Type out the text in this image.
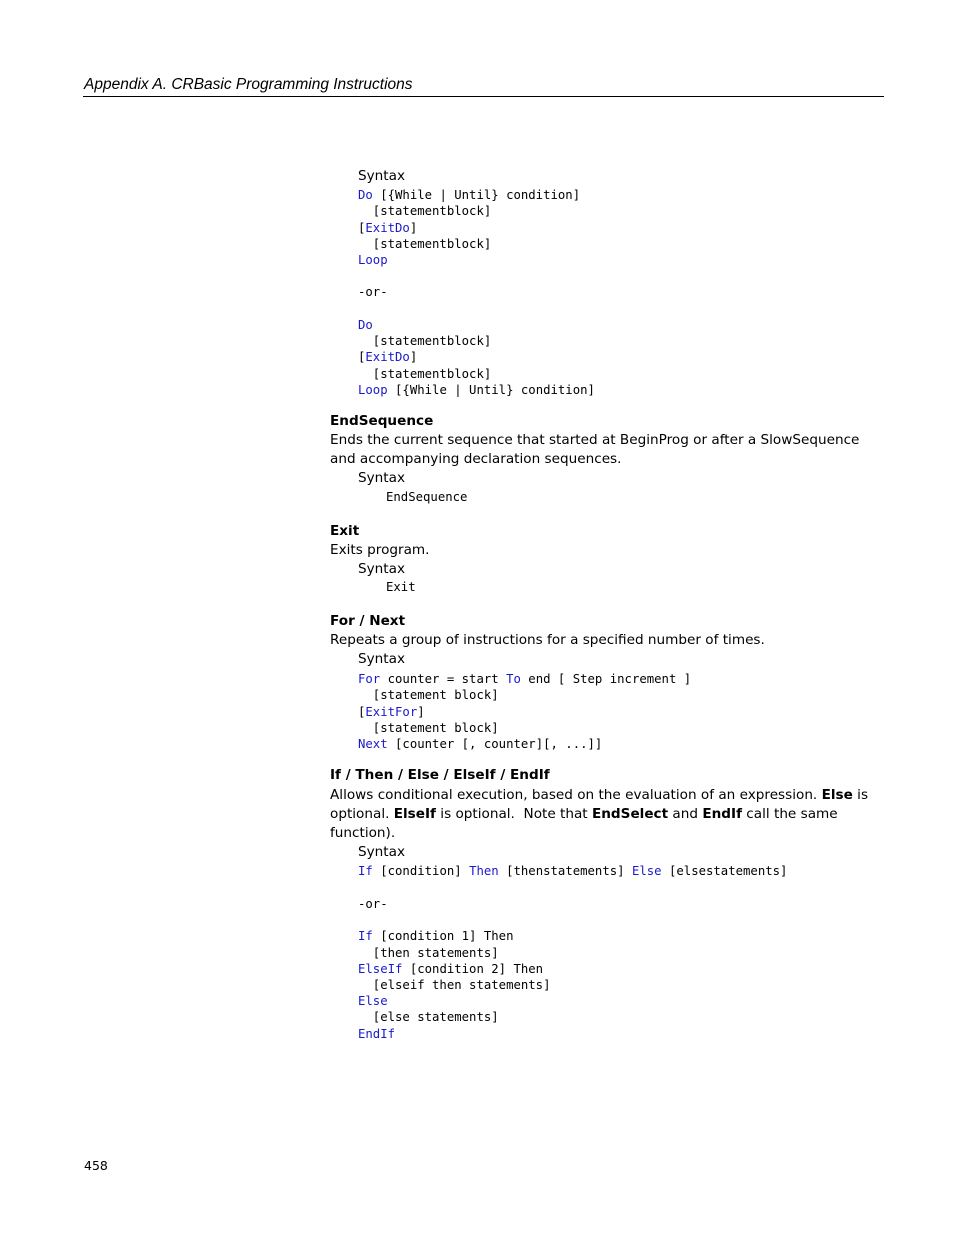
Appendix A. CRBasic Programming Instructions
Syntax
Do [{While | Until} condition]
[statementblock]
[ExitDo]
[statementblock]
Loop
-or-
Do
[statementblock]
[ExitDo]
[statementblock]
Loop [{While | Until} condition]
EndSequence
Ends the current sequence that started at BeginProg or after a SlowSequence
and accompanying declaration sequences.
Syntax
EndSequence
Exit
Exits program.
Syntax
Exit
For / Next
Repeats a group of instructions for a specified number of times.
Syntax
For counter = start To end [ Step increment ]
[statement block]
[ExitFor]
[statement block]
Next [counter [, counter][, ...]]
If / Then / Else / ElseIf / EndIf
Allows conditional execution, based on the evaluation of an expression. Else is
optional. ElseIf is optional.  Note that EndSelect and EndIf call the same
function).
Syntax
If [condition] Then [thenstatements] Else [elsestatements]
-or-
If [condition 1] Then
[then statements]
ElseIf [condition 2] Then
[elseif then statements]
Else
[else statements]
EndIf
458
